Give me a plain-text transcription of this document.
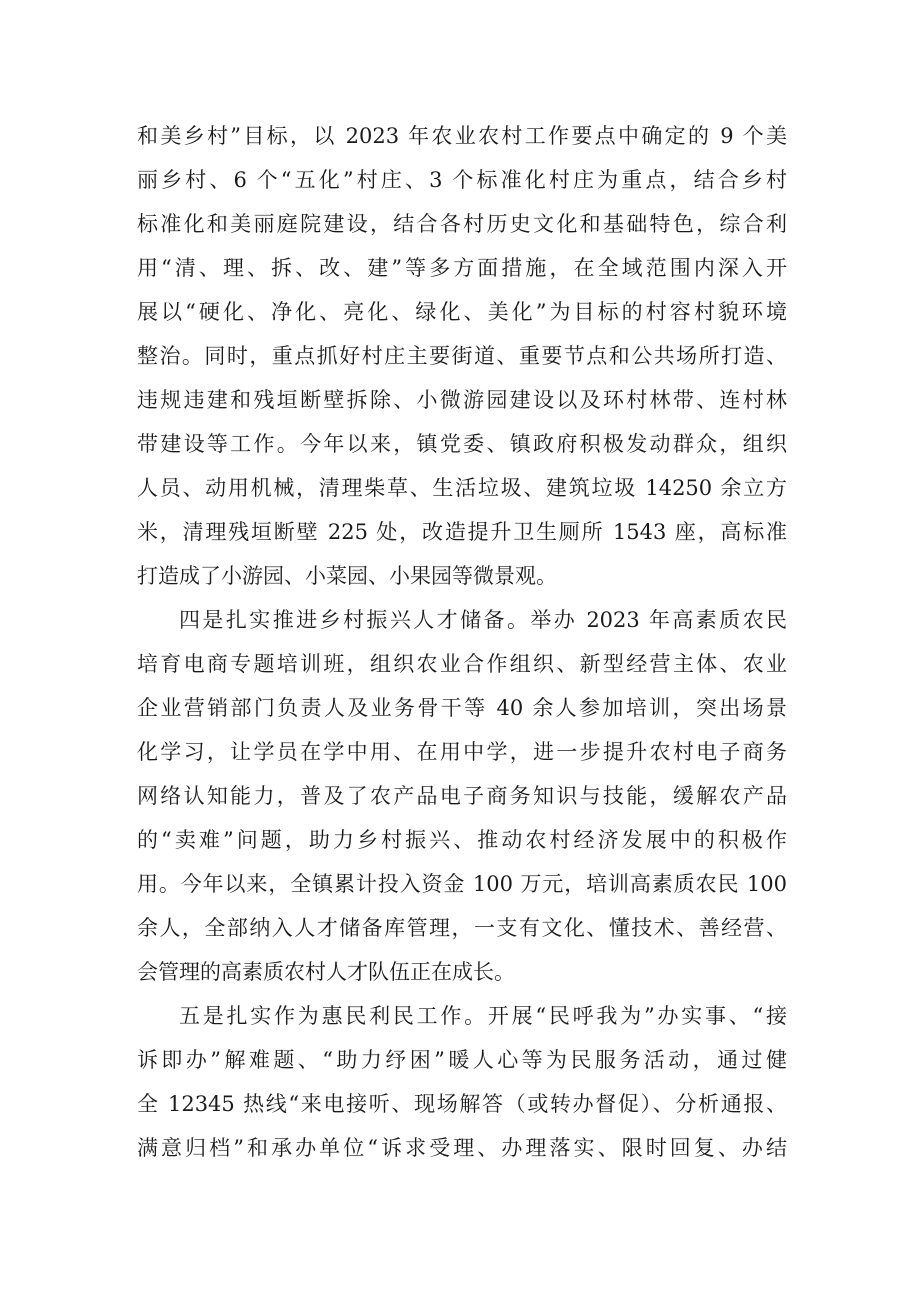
和美乡村”目标，以 2023 年农业农村工作要点中确定的 9 个美
丽乡村、6 个“五化”村庄、3 个标准化村庄为重点，结合乡村
标准化和美丽庭院建设，结合各村历史文化和基础特色，综合利
用“清、理、拆、改、建”等多方面措施，在全域范围内深入开
展以“硬化、净化、亮化、绿化、美化”为目标的村容村貌环境
整治。同时，重点抓好村庄主要街道、重要节点和公共场所打造、
违规违建和残垣断壁拆除、小微游园建设以及环村林带、连村林
带建设等工作。今年以来，镇党委、镇政府积极发动群众，组织
人员、动用机械，清理柴草、生活垃圾、建筑垃圾 14250 余立方
米，清理残垣断壁 225 处，改造提升卫生厕所 1543 座，高标准
打造成了小游园、小菜园、小果园等微景观。
四是扎实推进乡村振兴人才储备。举办 2023 年高素质农民
培育电商专题培训班，组织农业合作组织、新型经营主体、农业
企业营销部门负责人及业务骨干等 40 余人参加培训，突出场景
化学习，让学员在学中用、在用中学，进一步提升农村电子商务
网络认知能力，普及了农产品电子商务知识与技能，缓解农产品
的“卖难”问题，助力乡村振兴、推动农村经济发展中的积极作
用。今年以来，全镇累计投入资金 100 万元，培训高素质农民 100
余人，全部纳入人才储备库管理，一支有文化、懂技术、善经营、
会管理的高素质农村人才队伍正在成长。
五是扎实作为惠民利民工作。开展“民呼我为”办实事、“接
诉即办”解难题、“助力纾困”暖人心等为民服务活动，通过健
全 12345 热线“来电接听、现场解答（或转办督促）、分析通报、
满意归档”和承办单位“诉求受理、办理落实、限时回复、办结
